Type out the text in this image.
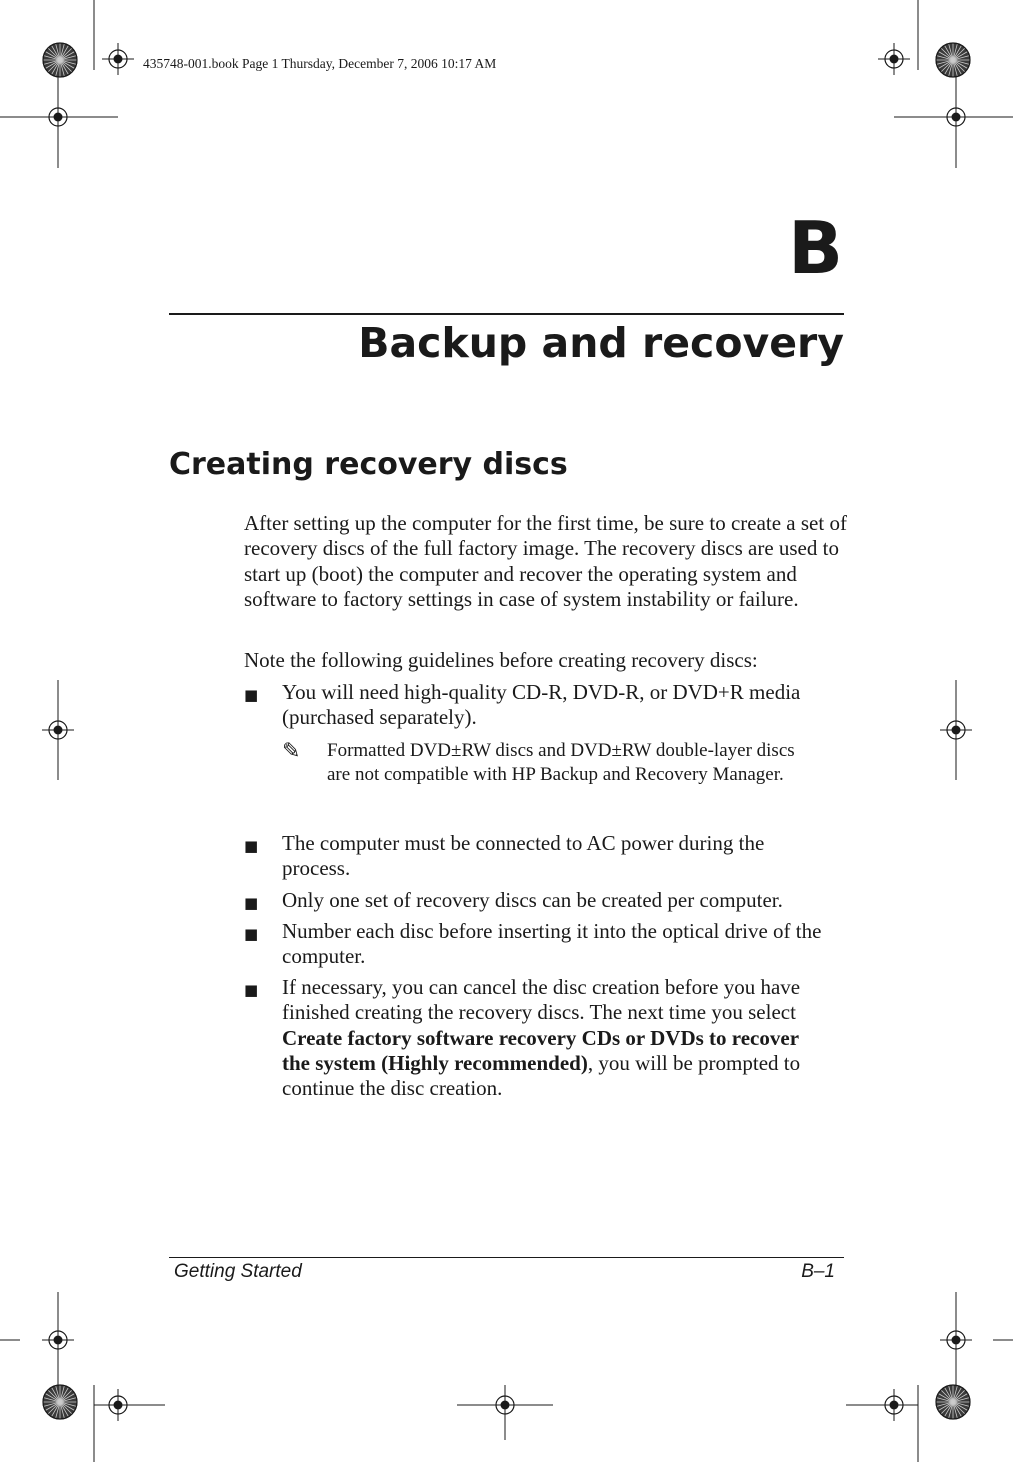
435748-001.book Page 1 Thursday, December 7, 2006 10:17 AM
B
Backup and recovery
Creating recovery discs
After setting up the computer for the first time, be sure to create a set of recovery discs of the full factory image. The recovery discs are used to start up (boot) the computer and recover the operating system and software to factory settings in case of system instability or failure.
Note the following guidelines before creating recovery discs:
■ You will need high-quality CD-R, DVD-R, or DVD+R media (purchased separately).
✎ Formatted DVD±RW discs and DVD±RW double-layer discs are not compatible with HP Backup and Recovery Manager.
■ The computer must be connected to AC power during the process.
■ Only one set of recovery discs can be created per computer.
■ Number each disc before inserting it into the optical drive of the computer.
■ If necessary, you can cancel the disc creation before you have finished creating the recovery discs. The next time you select Create factory software recovery CDs or DVDs to recover the system (Highly recommended), you will be prompted to continue the disc creation.
Getting Started	B–1
